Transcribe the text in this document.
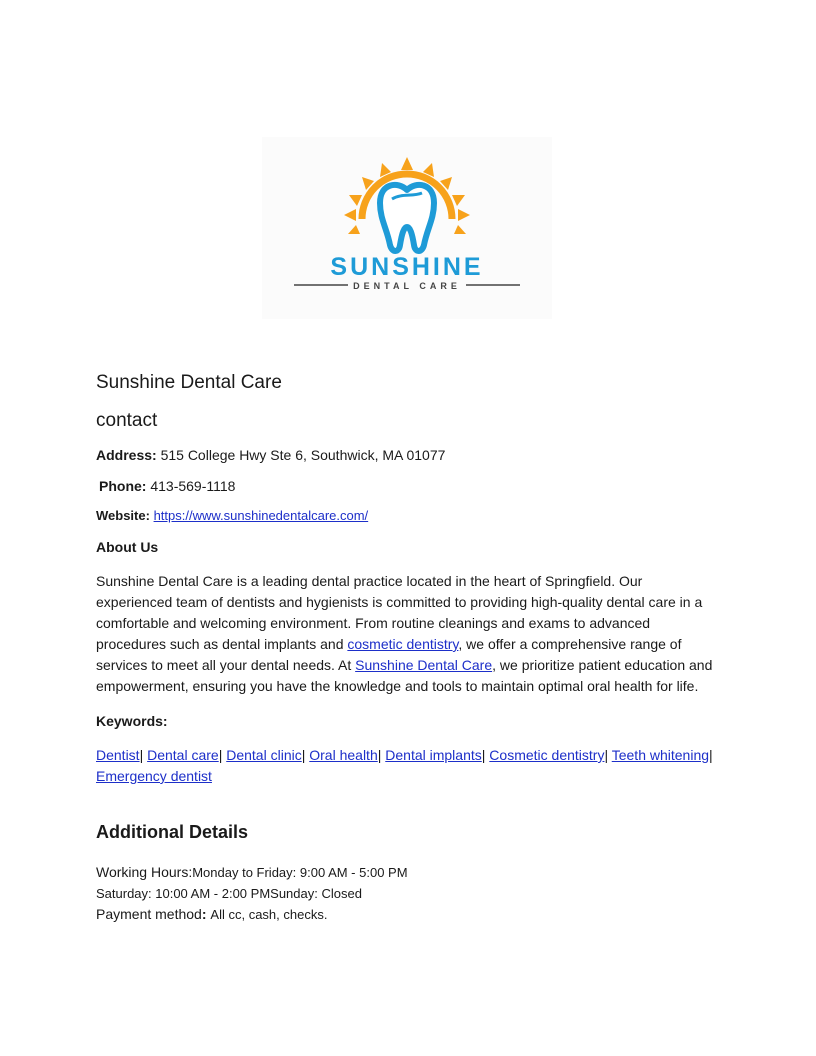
SUNSHINE
DENTAL CARE

Sunshine Dental Care

contact

Address: 515 College Hwy Ste 6, Southwick, MA 01077

Phone: 413-569-1118

Website: https://www.sunshinedentalcare.com/

About Us

Sunshine Dental Care is a leading dental practice located in the heart of Springfield. Our experienced team of dentists and hygienists is committed to providing high-quality dental care in a comfortable and welcoming environment. From routine cleanings and exams to advanced procedures such as dental implants and cosmetic dentistry, we offer a comprehensive range of services to meet all your dental needs. At Sunshine Dental Care, we prioritize patient education and empowerment, ensuring you have the knowledge and tools to maintain optimal oral health for life.

Keywords:

Dentist| Dental care| Dental clinic| Oral health| Dental implants| Cosmetic dentistry| Teeth whitening| Emergency dentist

Additional Details

Working Hours:Monday to Friday: 9:00 AM - 5:00 PM
Saturday: 10:00 AM - 2:00 PMSunday: Closed
Payment method: All cc, cash, checks.
